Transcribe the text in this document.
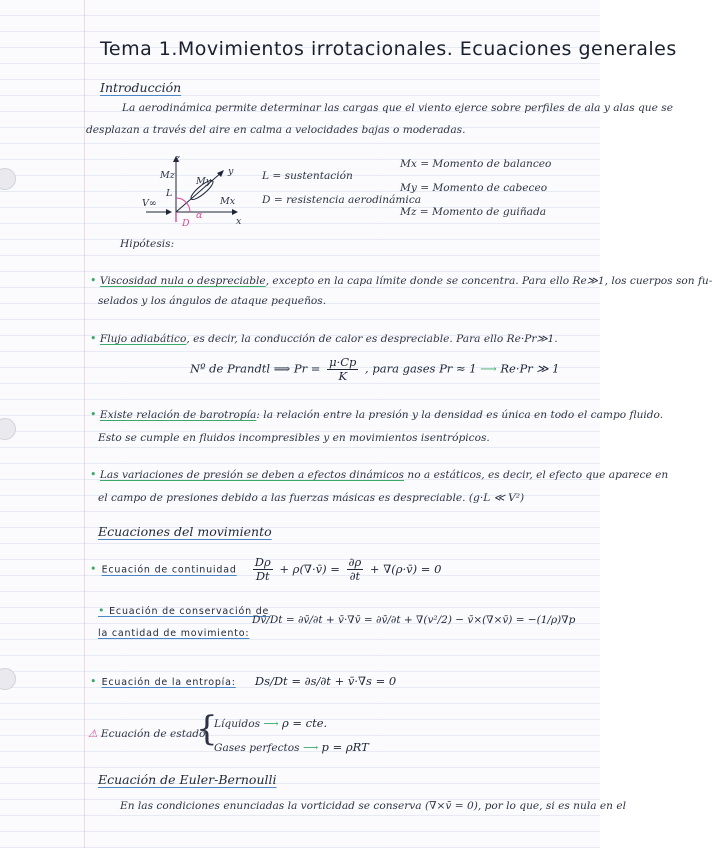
Tema 1.Movimientos irrotacionales. Ecuaciones generales
Introducción
La aerodinámica permite determinar las cargas que el viento ejerce sobre perfiles de ala y alas que se
desplazan a través del aire en calma a velocidades bajas o moderadas.
z
Mz
L
My
y
Mx
x
V∞
D
α
L = sustentación
D = resistencia aerodinámica
Mx = Momento de balanceo
My = Momento de cabeceo
Mz = Momento de guiñada
Hipótesis:
• Viscosidad nula o despreciable, excepto en la capa límite donde se concentra. Para ello Re≫1, los cuerpos son fu-
selados y los ángulos de ataque pequeños.
• Flujo adiabático, es decir, la conducción de calor es despreciable. Para ello Re·Pr≫1.
Nº de Prandtl ⟹ $Pr = \frac{\mu\cdot Cp}{K}$ , para gases Pr ≈ 1 ⟶ Re·Pr ≫ 1
• Existe relación de barotropía: la relación entre la presión y la densidad es única en todo el campo fluido.
Esto se cumple en fluidos incompresibles y en movimientos isentrópicos.
• Las variaciones de presión se deben a efectos dinámicos no a estáticos, es decir, el efecto que aparece en
el campo de presiones debido a las fuerzas másicas es despreciable. (g·L ≪ V²)
Ecuaciones del movimiento
• Ecuación de continuidad $\frac{D\rho}{Dt}$ + ρ(∇·v̄) = $\frac{\partial\rho}{\partial t}$ + ∇(ρ·v̄) = 0
• Ecuación de conservación de
la cantidad de movimiento:
Dv̄/Dt = ∂v̄/∂t + v̄·∇v̄ = ∂v̄/∂t + ∇(v²/2) − v̄×(∇×v̄) = −(1/ρ)∇p
• Ecuación de la entropía: Ds/Dt = ∂s/∂t + v̄·∇s = 0
⚠ Ecuación de estado
{
Líquidos ⟶ ρ = cte.
Gases perfectos ⟶ p = ρRT
Ecuación de Euler-Bernoulli
En las condiciones enunciadas la vorticidad se conserva (∇×v̄ = 0), por lo que, si es nula en el
